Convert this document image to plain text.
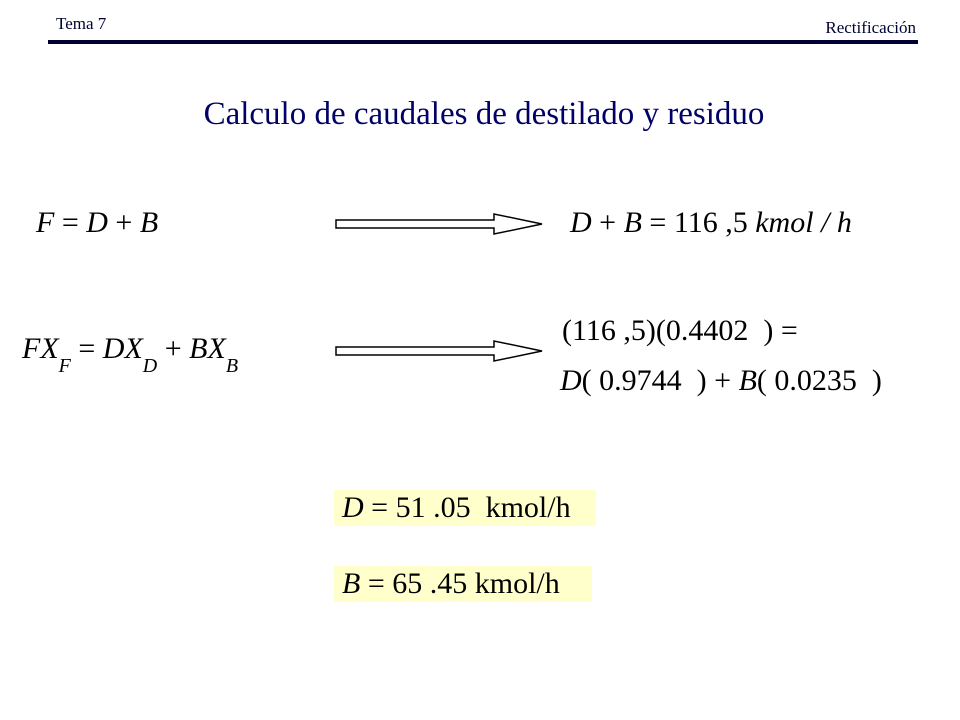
Tema 7	Rectificación
Calculo de caudales de destilado y residuo
F = D + B	D + B = 116 ,5 kmol / h
$FX_F = DX_D + BX_B$
(116 ,5)(0.4402  ) =
D( 0.9744  ) + B( 0.0235  )
D = 51 .05  kmol/h
B = 65 .45 kmol/h
